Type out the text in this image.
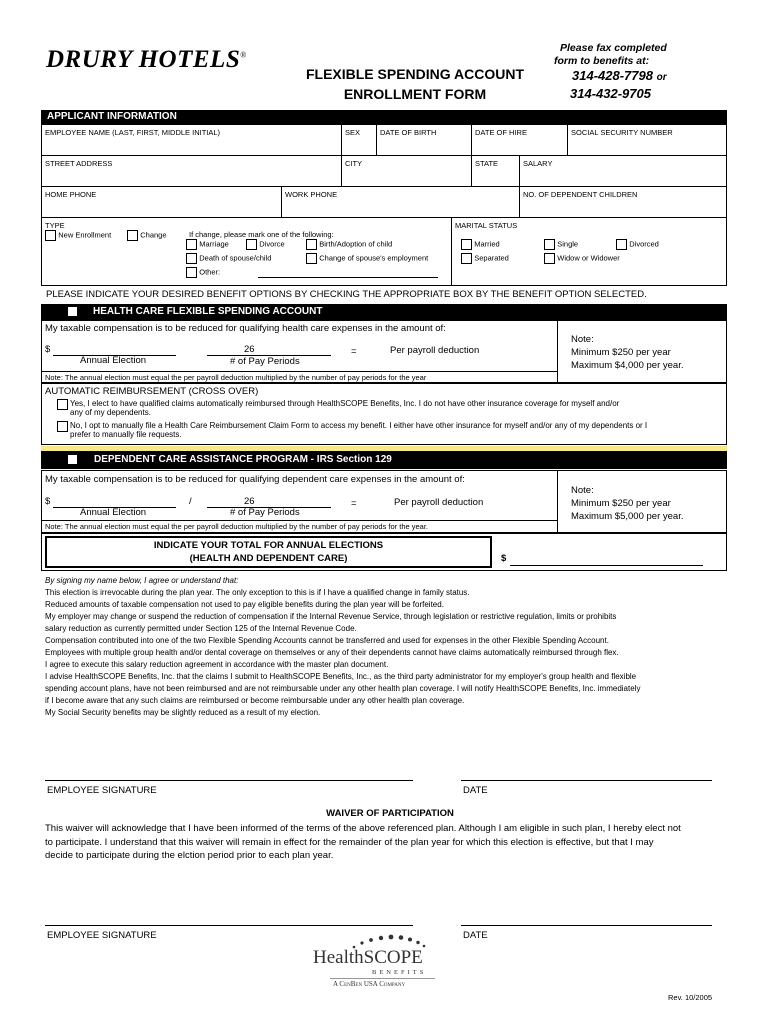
DRURY HOTELS®
FLEXIBLE SPENDING ACCOUNT
ENROLLMENT FORM
Please fax completed
form to benefits at:
314-428-7798 or
314-432-9705
APPLICANT INFORMATION
EMPLOYEE NAME (LAST, FIRST, MIDDLE INITIAL)	SEX	DATE OF BIRTH	DATE OF HIRE	SOCIAL SECURITY NUMBER
STREET ADDRESS	CITY	STATE	SALARY
HOME PHONE	WORK PHONE	NO. OF DEPENDENT CHILDREN
TYPE
New Enrollment	Change	If change, please mark one of the following:
Marriage	Divorce	Birth/Adoption of child
Death of spouse/child	Change of spouse's employment
Other:
MARITAL STATUS
Married	Single	Divorced
Separated	Widow or Widower
PLEASE INDICATE YOUR DESIRED BENEFIT OPTIONS BY CHECKING THE APPROPRIATE BOX BY THE BENEFIT OPTION SELECTED.
HEALTH CARE FLEXIBLE SPENDING ACCOUNT
My taxable compensation is to be reduced for qualifying health care expenses in the amount of:
$	26	=	Per payroll deduction
Annual Election	# of Pay Periods
Note:
Minimum $250 per year
Maximum $4,000 per year.
Note: The annual election must equal the per payroll deduction multiplied by the number of pay periods for the year
AUTOMATIC REIMBURSEMENT (CROSS OVER)
Yes, I elect to have qualified claims automatically reimbursed through HealthSCOPE Benefits, Inc. I do not have other insurance coverage for myself and/or
any of my dependents.
No, I opt to manually file a Health Care Reimbursement Claim Form to access my benefit. I either have other insurance for myself and/or any of my dependents or I
prefer to manually file requests.
DEPENDENT CARE ASSISTANCE PROGRAM - IRS Section 129
My taxable compensation is to be reduced for qualifying dependent care expenses in the amount of:
$	/	26	=	Per payroll deduction
Annual Election	# of Pay Periods
Note:
Minimum $250 per year
Maximum $5,000 per year.
Note: The annual election must equal the per payroll deduction multiplied by the number of pay periods for the year.
INDICATE YOUR TOTAL FOR ANNUAL ELECTIONS
(HEALTH AND DEPENDENT CARE)	$
By signing my name below, I agree or understand that:
This election is irrevocable during the plan year. The only exception to this is if I have a qualified change in family status.
Reduced amounts of taxable compensation not used to pay eligible benefits during the plan year will be forfeited.
My employer may change or suspend the reduction of compensation if the Internal Revenue Service, through legislation or restrictive regulation, limits or prohibits
salary reduction as currently permitted under Section 125 of the Internal Revenue Code.
Compensation contributed into one of the two Flexible Spending Accounts cannot be transferred and used for expenses in the other Flexible Spending Account.
Employees with multiple group health and/or dental coverage on themselves or any of their dependents cannot have claims automatically reimbursed through flex.
I agree to execute this salary reduction agreement in accordance with the master plan document.
I advise HealthSCOPE Benefits, Inc. that the claims I submit to HealthSCOPE Benefits, Inc., as the third party administrator for my employer's group health and flexible
spending account plans, have not been reimbursed and are not reimbursable under any other health plan coverage. I will notify HealthSCOPE Benefits, Inc. immediately
if I become aware that any such claims are reimbursed or become reimbursable under any other health plan coverage.
My Social Security benefits may be slightly reduced as a result of my election.
EMPLOYEE SIGNATURE	DATE
WAIVER OF PARTICIPATION
This waiver will acknowledge that I have been informed of the terms of the above referenced plan. Although I am eligible in such plan, I hereby elect not
to participate. I understand that this waiver will remain in effect for the remainder of the plan year for which this election is effective, but that I may
decide to participate during the elction period prior to each plan year.
EMPLOYEE SIGNATURE	DATE
HealthSCOPE
BENEFITS
A CenBen USA Company
Rev. 10/2005
